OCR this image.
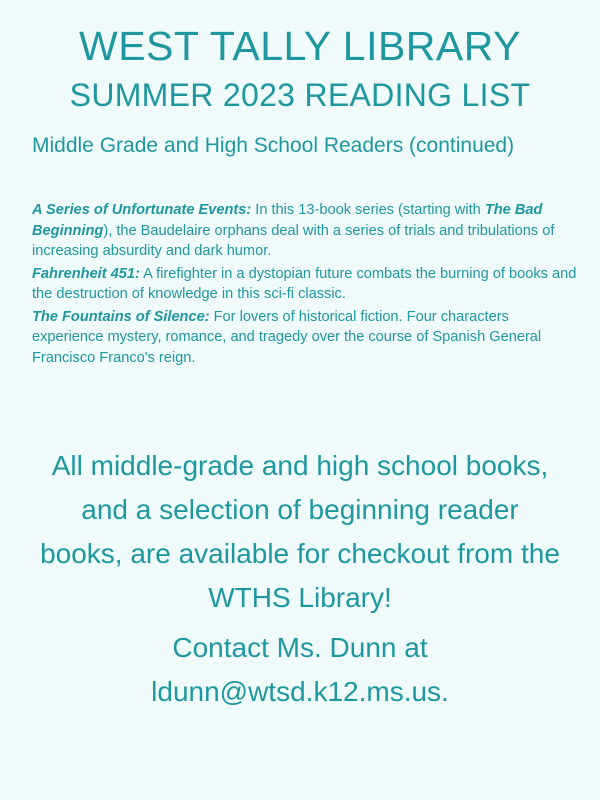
WEST TALLY LIBRARY
SUMMER 2023 READING LIST
Middle Grade and High School Readers (continued)

A Series of Unfortunate Events: In this 13-book series (starting with The Bad Beginning), the Baudelaire orphans deal with a series of trials and tribulations of increasing absurdity and dark humor.

Fahrenheit 451: A firefighter in a dystopian future combats the burning of books and the destruction of knowledge in this sci-fi classic.

The Fountains of Silence: For lovers of historical fiction. Four characters experience mystery, romance, and tragedy over the course of Spanish General Francisco Franco's reign.

All middle-grade and high school books, and a selection of beginning reader books, are available for checkout from the WTHS Library!
Contact Ms. Dunn at
ldunn@wtsd.k12.ms.us.
